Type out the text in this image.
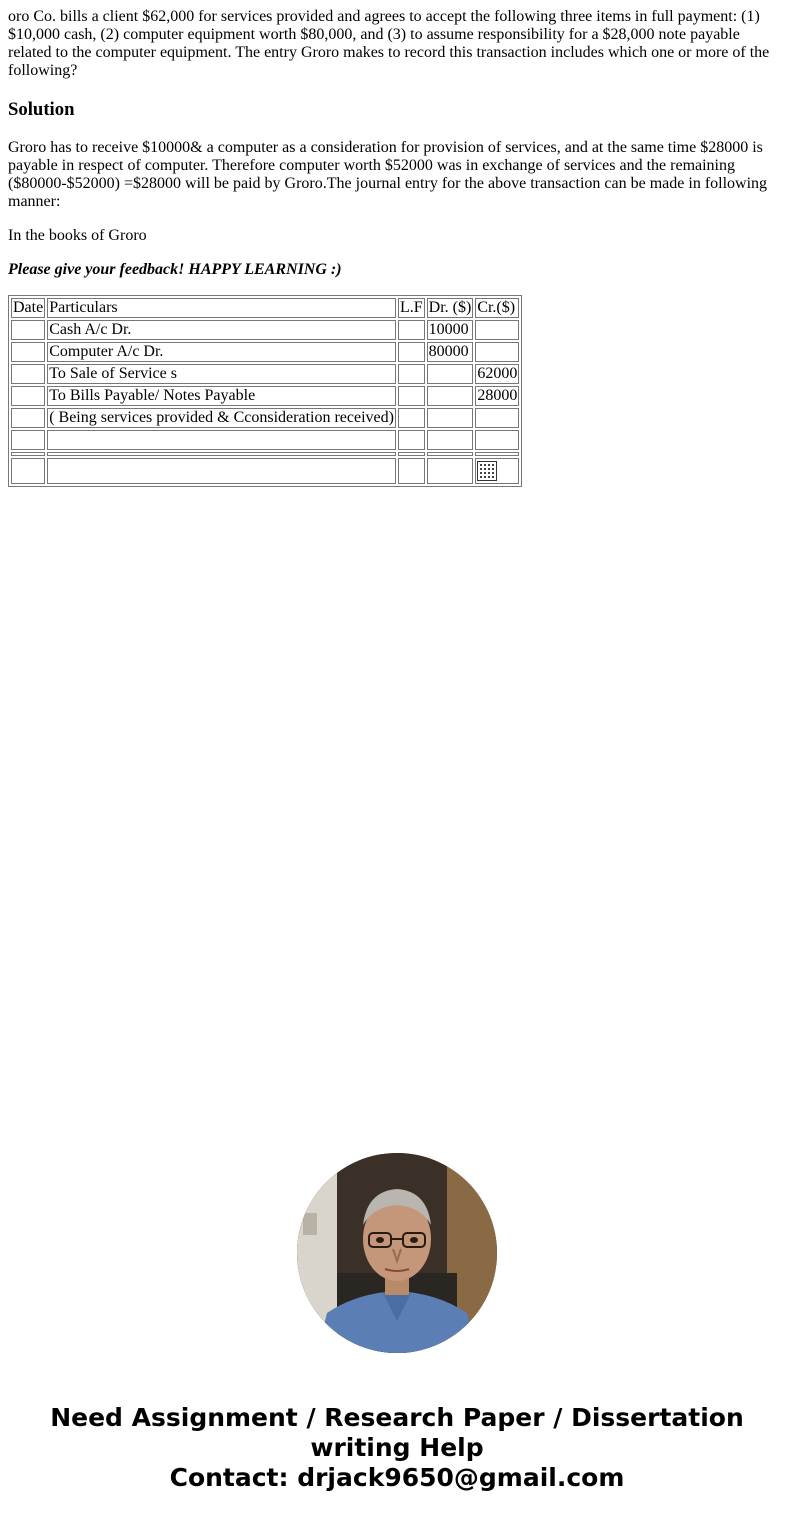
oro Co. bills a client $62,000 for services provided and agrees to accept the following three items in full payment: (1) $10,000 cash, (2) computer equipment worth $80,000, and (3) to assume responsibility for a $28,000 note payable related to the computer equipment. The entry Groro makes to record this transaction includes which one or more of the following?

Solution

Groro has to receive $10000& a computer as a consideration for provision of services, and at the same time $28000 is payable in respect of computer. Therefore computer worth $52000 was in exchange of services and the remaining ($80000-$52000) =$28000 will be paid by Groro.The journal entry for the above transaction can be made in following manner:

In the books of Groro

Please give your feedback! HAPPY LEARNING :)

Date	Particulars	L.F	Dr. ($)	Cr.($)
	Cash A/c Dr.		10000	
	Computer A/c Dr.		80000	
	To Sale of Service s			62000
	To Bills Payable/ Notes Payable			28000
	( Being services provided & Cconsideration received)			

Need Assignment / Research Paper / Dissertation
writing Help
Contact: drjack9650@gmail.com
